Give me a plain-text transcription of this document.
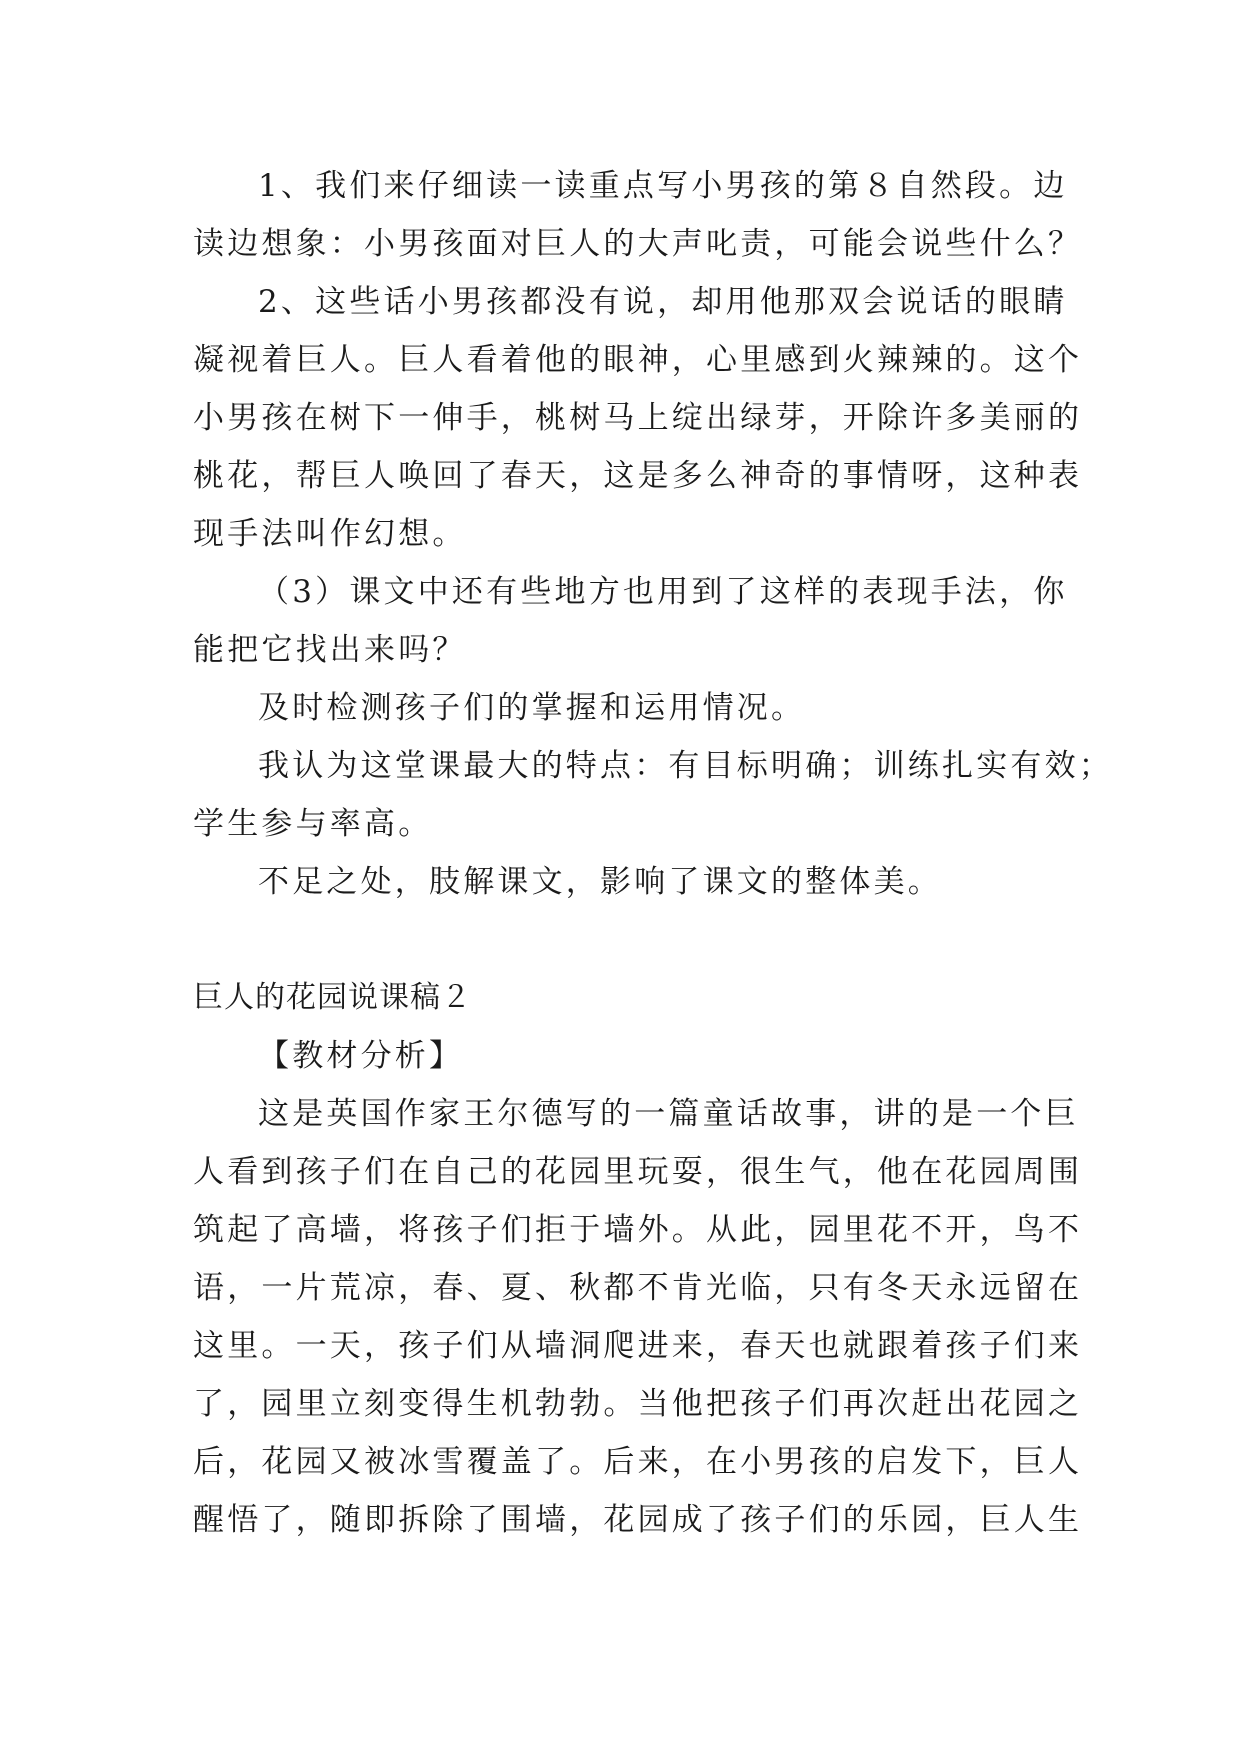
1、我们来仔细读一读重点写小男孩的第８自然段。边
读边想象：小男孩面对巨人的大声叱责，可能会说些什么？
2、这些话小男孩都没有说，却用他那双会说话的眼睛
凝视着巨人。巨人看着他的眼神，心里感到火辣辣的。这个
小男孩在树下一伸手，桃树马上绽出绿芽，开除许多美丽的
桃花，帮巨人唤回了春天，这是多么神奇的事情呀，这种表
现手法叫作幻想。
（3）课文中还有些地方也用到了这样的表现手法，你
能把它找出来吗？
及时检测孩子们的掌握和运用情况。
我认为这堂课最大的特点：有目标明确；训练扎实有效；
学生参与率高。
不足之处，肢解课文，影响了课文的整体美。
巨人的花园说课稿２
【教材分析】
这是英国作家王尔德写的一篇童话故事，讲的是一个巨
人看到孩子们在自己的花园里玩耍，很生气，他在花园周围
筑起了高墙，将孩子们拒于墙外。从此，园里花不开，鸟不
语，一片荒凉，春、夏、秋都不肯光临，只有冬天永远留在
这里。一天，孩子们从墙洞爬进来，春天也就跟着孩子们来
了，园里立刻变得生机勃勃。当他把孩子们再次赶出花园之
后，花园又被冰雪覆盖了。后来，在小男孩的启发下，巨人
醒悟了，随即拆除了围墙，花园成了孩子们的乐园，巨人生
